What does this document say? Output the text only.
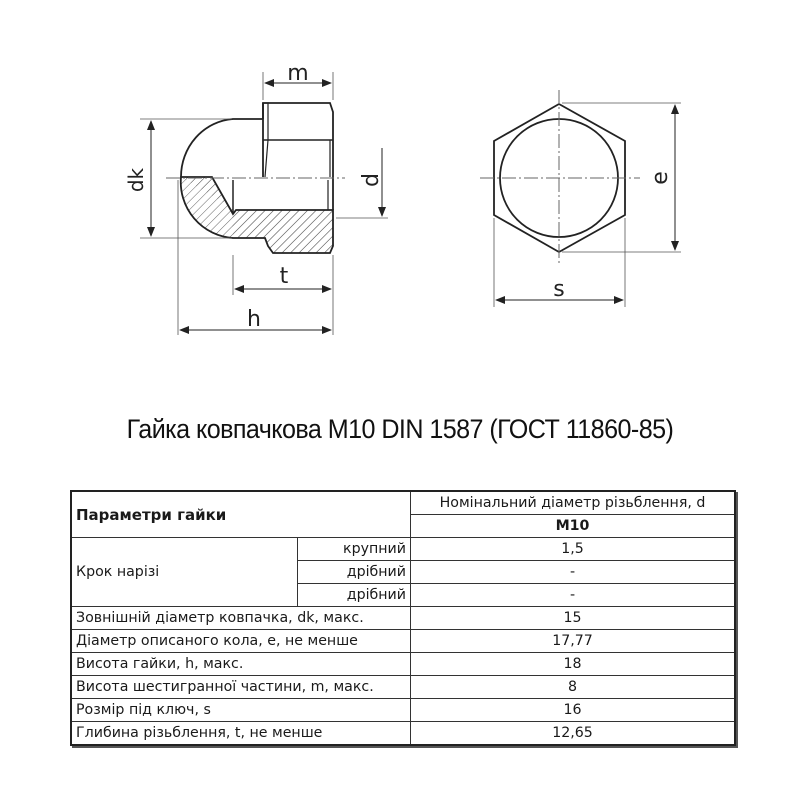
m
dk	d
t
h
e
s
Гайка ковпачкова М10 DIN 1587 (ГОСТ 11860-85)
Параметри гайки		Номінальний діаметр різьблення, d
		M10
Крок нарізі	крупний	1,5
	дрібний	-
	дрібний	-
Зовнішній діаметр ковпачка, dk, макс.		15
Діаметр описаного кола, e, не менше		17,77
Висота гайки, h, макс.		18
Висота шестигранної частини, m, макс.		8
Розмір під ключ, s		16
Глибина різьблення, t, не менше		12,65
